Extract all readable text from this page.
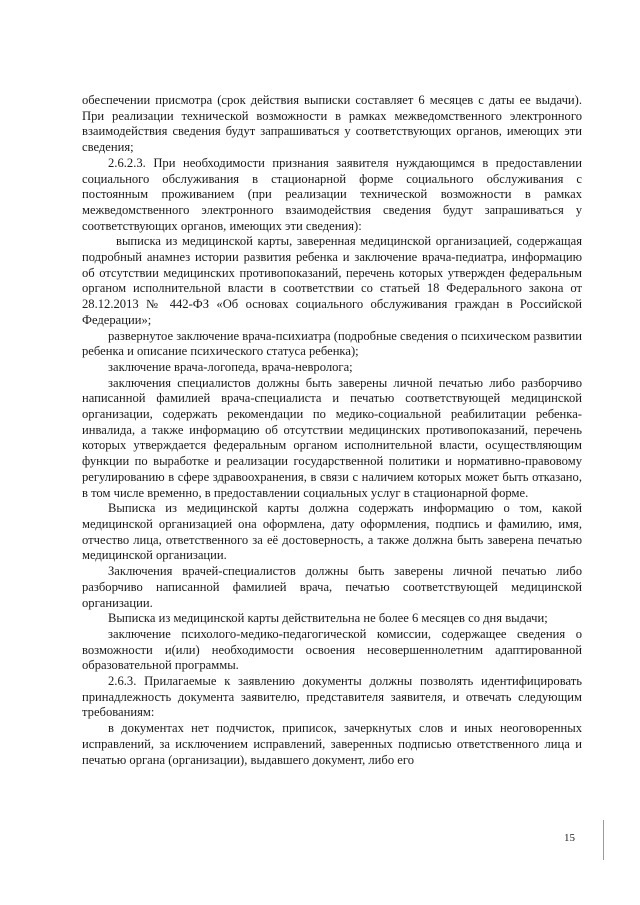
обеспечении присмотра (срок действия выписки составляет 6 месяцев с даты ее выдачи). При реализации технической возможности в рамках межведомственного электронного взаимодействия сведения будут запрашиваться у соответствующих органов, имеющих эти сведения;

2.6.2.3. При необходимости признания заявителя нуждающимся в предоставлении социального обслуживания в стационарной форме социального обслуживания с постоянным проживанием (при реализации технической возможности в рамках межведомственного электронного взаимодействия сведения будут запрашиваться у соответствующих органов, имеющих эти сведения):

выписка из медицинской карты, заверенная медицинской организацией, содержащая подробный анамнез истории развития ребенка и заключение врача-педиатра, информацию об отсутствии медицинских противопоказаний, перечень которых утвержден федеральным органом исполнительной власти в соответствии со статьей 18 Федерального закона от 28.12.2013 № 442-ФЗ «Об основах социального обслуживания граждан в Российской Федерации»;

развернутое заключение врача-психиатра (подробные сведения о психическом развитии ребенка и описание психического статуса ребенка);

заключение врача-логопеда, врача-невролога;

заключения специалистов должны быть заверены личной печатью либо разборчиво написанной фамилией врача-специалиста и печатью соответствующей медицинской организации, содержать рекомендации по медико-социальной реабилитации ребенка-инвалида, а также информацию об отсутствии медицинских противопоказаний, перечень которых утверждается федеральным органом исполнительной власти, осуществляющим функции по выработке и реализации государственной политики и нормативно-правовому регулированию в сфере здравоохранения, в связи с наличием которых может быть отказано, в том числе временно, в предоставлении социальных услуг в стационарной форме.

Выписка из медицинской карты должна содержать информацию о том, какой медицинской организацией она оформлена, дату оформления, подпись и фамилию, имя, отчество лица, ответственного за её достоверность, а также должна быть заверена печатью медицинской организации.

Заключения врачей-специалистов должны быть заверены личной печатью либо разборчиво написанной фамилией врача, печатью соответствующей медицинской организации.

Выписка из медицинской карты действительна не более 6 месяцев со дня выдачи;

заключение психолого-медико-педагогической комиссии, содержащее сведения о возможности и(или) необходимости освоения несовершеннолетним адаптированной образовательной программы.

2.6.3. Прилагаемые к заявлению документы должны позволять идентифицировать принадлежность документа заявителю, представителя заявителя, и отвечать следующим требованиям:

в документах нет подчисток, приписок, зачеркнутых слов и иных неоговоренных исправлений, за исключением исправлений, заверенных подписью ответственного лица и печатью органа (организации), выдавшего документ, либо его

15
